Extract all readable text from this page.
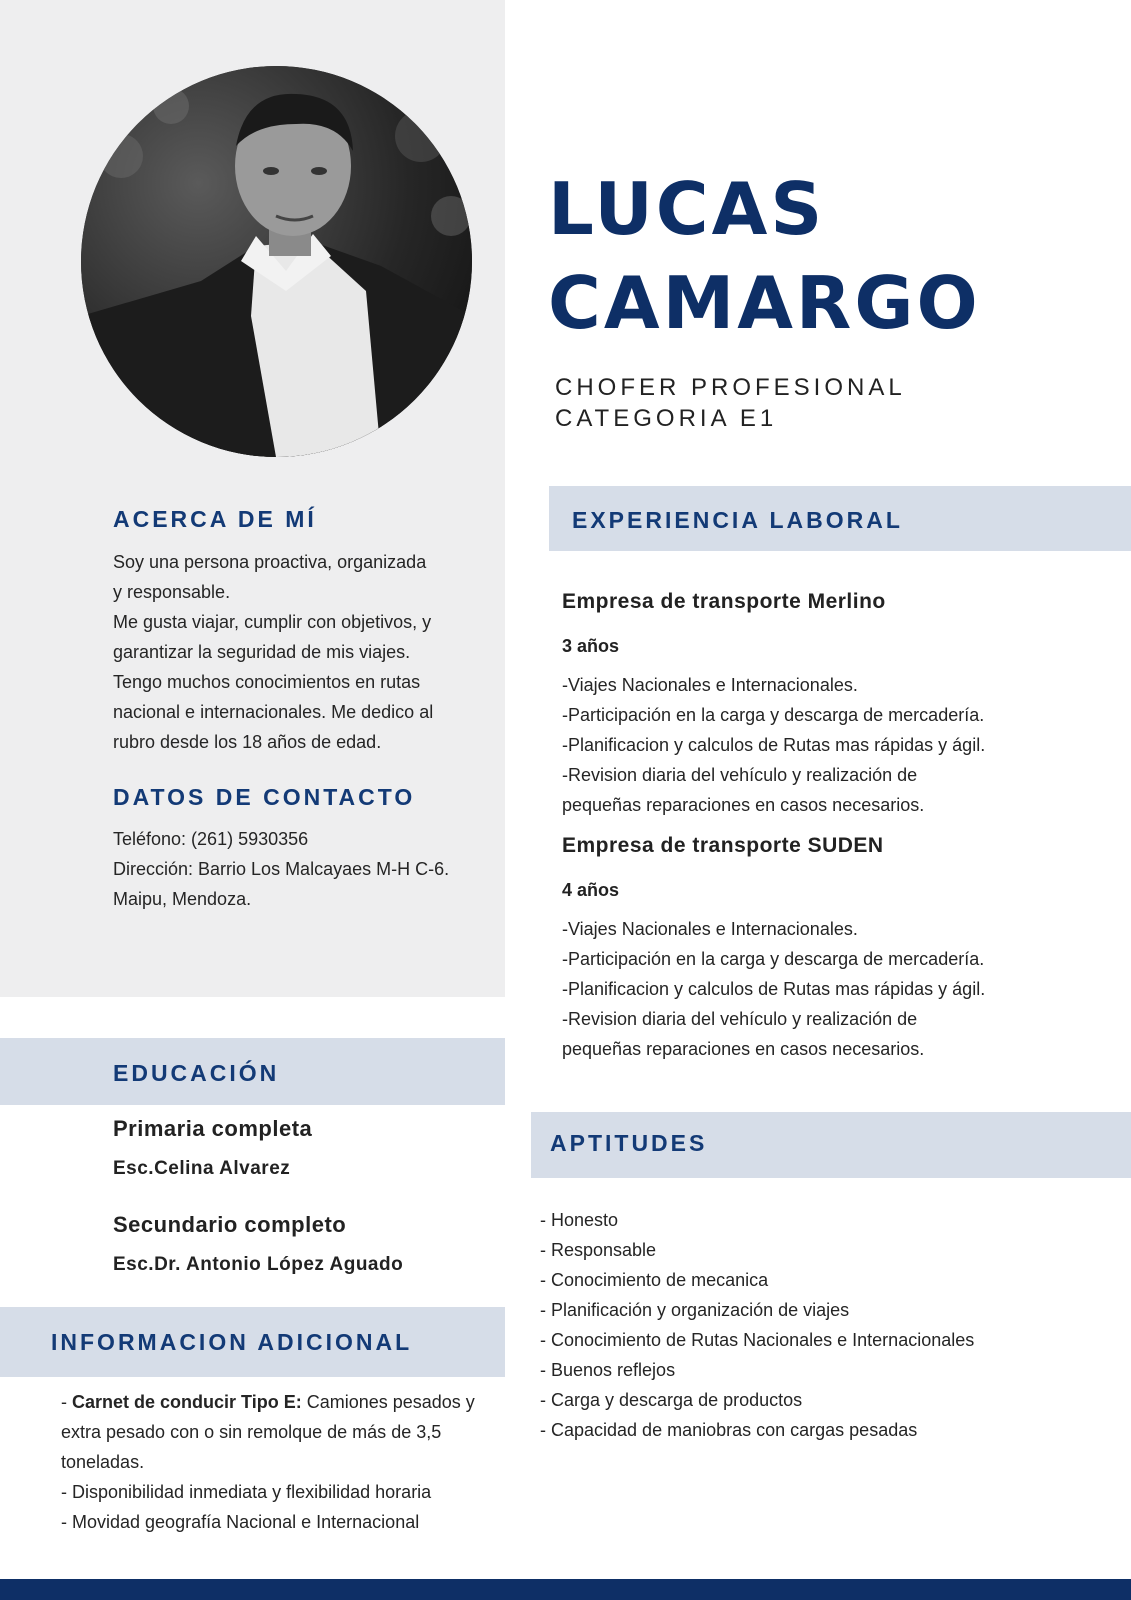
LUCAS
CAMARGO
CHOFER PROFESIONAL
CATEGORIA E1
ACERCA DE MÍ
Soy una persona proactiva, organizada
y responsable.
Me gusta viajar, cumplir con objetivos, y
garantizar la seguridad de mis viajes.
Tengo muchos conocimientos en rutas
nacional e internacionales. Me dedico al
rubro desde los 18 años de edad.
DATOS DE CONTACTO
Teléfono: (261) 5930356
Dirección: Barrio Los Malcayaes M-H C-6.
Maipu, Mendoza.
EDUCACIÓN
Primaria completa
Esc.Celina Alvarez
Secundario completo
Esc.Dr. Antonio López Aguado
INFORMACION ADICIONAL
- Carnet de conducir Tipo E: Camiones pesados y
extra pesado con o sin remolque de más de 3,5
toneladas.
- Disponibilidad inmediata y flexibilidad horaria
- Movidad geografía Nacional e Internacional
EXPERIENCIA LABORAL
Empresa de transporte Merlino
3 años
-Viajes Nacionales e Internacionales.
-Participación en la carga y descarga de mercadería.
-Planificacion y calculos de Rutas mas rápidas y ágil.
-Revision diaria del vehículo y realización de
pequeñas reparaciones en casos necesarios.
Empresa de transporte SUDEN
4 años
-Viajes Nacionales e Internacionales.
-Participación en la carga y descarga de mercadería.
-Planificacion y calculos de Rutas mas rápidas y ágil.
-Revision diaria del vehículo y realización de
pequeñas reparaciones en casos necesarios.
APTITUDES
- Honesto
- Responsable
- Conocimiento de mecanica
- Planificación y organización de viajes
- Conocimiento de Rutas Nacionales e Internacionales
- Buenos reflejos
- Carga y descarga de productos
- Capacidad de maniobras con cargas pesadas
